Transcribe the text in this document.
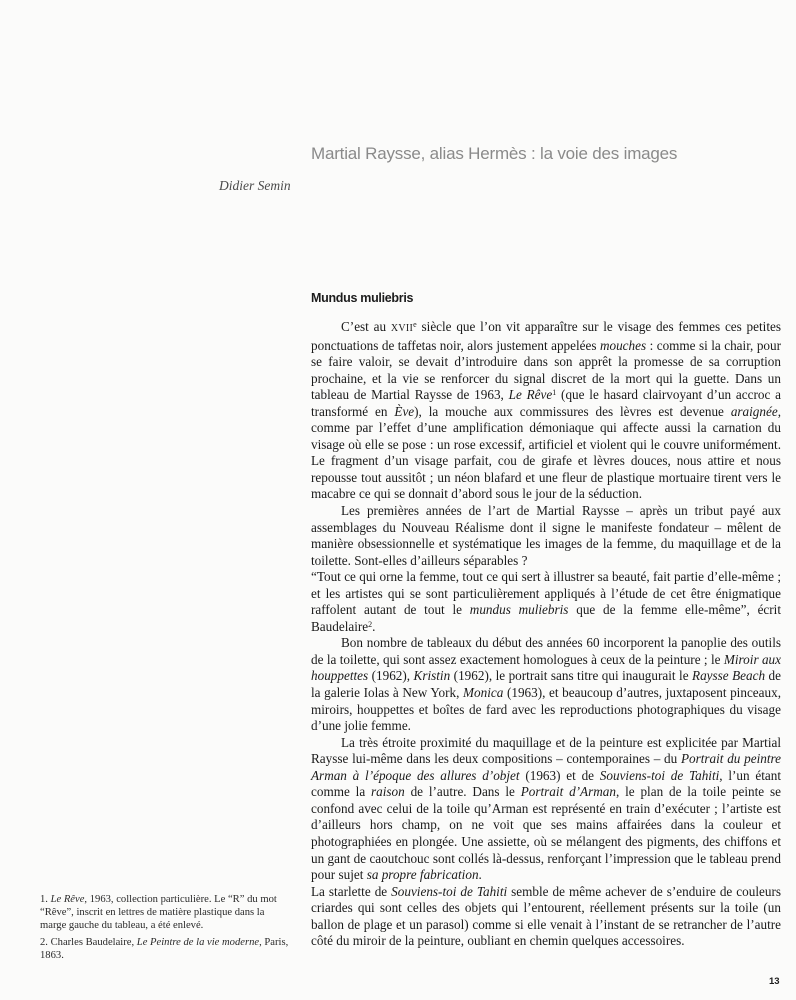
Martial Raysse, alias Hermès : la voie des images
Didier Semin
Mundus muliebris

C’est au XVIIe siècle que l’on vit apparaître sur le visage des femmes ces petites ponctuations de taffetas noir, alors justement appelées mouches : comme si la chair, pour se faire valoir, se devait d’introduire dans son apprêt la promesse de sa corruption prochaine, et la vie se renforcer du signal discret de la mort qui la guette. Dans un tableau de Martial Raysse de 1963, Le Rêve$^1$ (que le hasard clairvoyant d’un accroc a transformé en Ève), la mouche aux commissures des lèvres est devenue araignée, comme par l’effet d’une amplification démoniaque qui affecte aussi la carnation du visage où elle se pose : un rose excessif, artificiel et violent qui le couvre uniformément. Le fragment d’un visage parfait, cou de girafe et lèvres douces, nous attire et nous repousse tout aussitôt ; un néon blafard et une fleur de plastique mortuaire tirent vers le macabre ce qui se donnait d’abord sous le jour de la séduction.

Les premières années de l’art de Martial Raysse – après un tribut payé aux assemblages du Nouveau Réalisme dont il signe le manifeste fondateur – mêlent de manière obsessionnelle et systématique les images de la femme, du maquillage et de la toilette. Sont-elles d’ailleurs séparables ?

“Tout ce qui orne la femme, tout ce qui sert à illustrer sa beauté, fait partie d’elle-même ; et les artistes qui se sont particulièrement appliqués à l’étude de cet être énigmatique raffolent autant de tout le mundus muliebris que de la femme elle-même”, écrit Baudelaire$^2$.

Bon nombre de tableaux du début des années 60 incorporent la panoplie des outils de la toilette, qui sont assez exactement homologues à ceux de la peinture ; le Miroir aux houppettes (1962), Kristin (1962), le portrait sans titre qui inaugurait le Raysse Beach de la galerie Iolas à New York, Monica (1963), et beaucoup d’autres, juxtaposent pinceaux, miroirs, houppettes et boîtes de fard avec les reproductions photographiques du visage d’une jolie femme.

La très étroite proximité du maquillage et de la peinture est explicitée par Martial Raysse lui-même dans les deux compositions – contemporaines – du Portrait du peintre Arman à l’époque des allures d’objet (1963) et de Souviens-toi de Tahiti, l’un étant comme la raison de l’autre. Dans le Portrait d’Arman, le plan de la toile peinte se confond avec celui de la toile qu’Arman est représenté en train d’exécuter ; l’artiste est d’ailleurs hors champ, on ne voit que ses mains affairées dans la couleur et photographiées en plongée. Une assiette, où se mélangent des pigments, des chiffons et un gant de caoutchouc sont collés là-dessus, renforçant l’impression que le tableau prend pour sujet sa propre fabrication.

La starlette de Souviens-toi de Tahiti semble de même achever de s’enduire de couleurs criardes qui sont celles des objets qui l’entourent, réellement présents sur la toile (un ballon de plage et un parasol) comme si elle venait à l’instant de se retrancher de l’autre côté du miroir de la peinture, oubliant en chemin quelques accessoires.

1. Le Rêve, 1963, collection particulière. Le “R” du mot “Rêve”, inscrit en lettres de matière plastique dans la marge gauche du tableau, a été enlevé.

2. Charles Baudelaire, Le Peintre de la vie moderne, Paris, 1863.

13
